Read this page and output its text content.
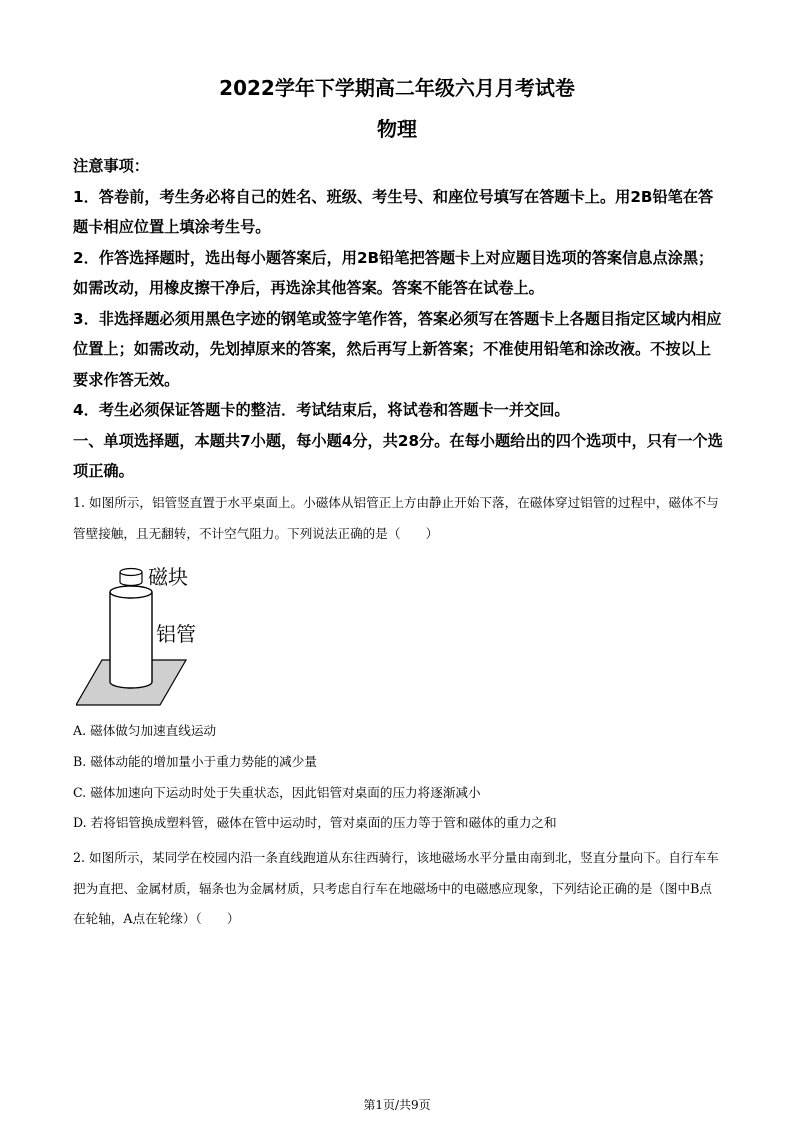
2022学年下学期高二年级六月月考试卷
物理

注意事项：

1．答卷前，考生务必将自己的姓名、班级、考生号、和座位号填写在答题卡上。用2B铅笔在答题卡相应位置上填涂考生号。

2．作答选择题时，选出每小题答案后，用2B铅笔把答题卡上对应题目选项的答案信息点涂黑；如需改动，用橡皮擦干净后，再选涂其他答案。答案不能答在试卷上。

3．非选择题必须用黑色字迹的钢笔或签字笔作答，答案必须写在答题卡上各题目指定区域内相应位置上；如需改动，先划掉原来的答案，然后再写上新答案；不准使用铅笔和涂改液。不按以上要求作答无效。

4．考生必须保证答题卡的整洁．考试结束后，将试卷和答题卡一并交回。

一、单项选择题，本题共7小题，每小题4分，共28分。在每小题给出的四个选项中，只有一个选项正确。

1. 如图所示，铝管竖直置于水平桌面上。小磁体从铝管正上方由静止开始下落，在磁体穿过铝管的过程中，磁体不与管壁接触，且无翻转，不计空气阻力。下列说法正确的是（　　）

磁块
铝管

A. 磁体做匀加速直线运动

B. 磁体动能的增加量小于重力势能的减少量

C. 磁体加速向下运动时处于失重状态，因此铝管对桌面的压力将逐渐减小

D. 若将铝管换成塑料管，磁体在管中运动时，管对桌面的压力等于管和磁体的重力之和

2. 如图所示，某同学在校园内沿一条直线跑道从东往西骑行，该地磁场水平分量由南到北，竖直分量向下。自行车车把为直把、金属材质，辐条也为金属材质，只考虑自行车在地磁场中的电磁感应现象，下列结论正确的是（图中B点在轮轴，A点在轮缘）（　　）

第1页/共9页
